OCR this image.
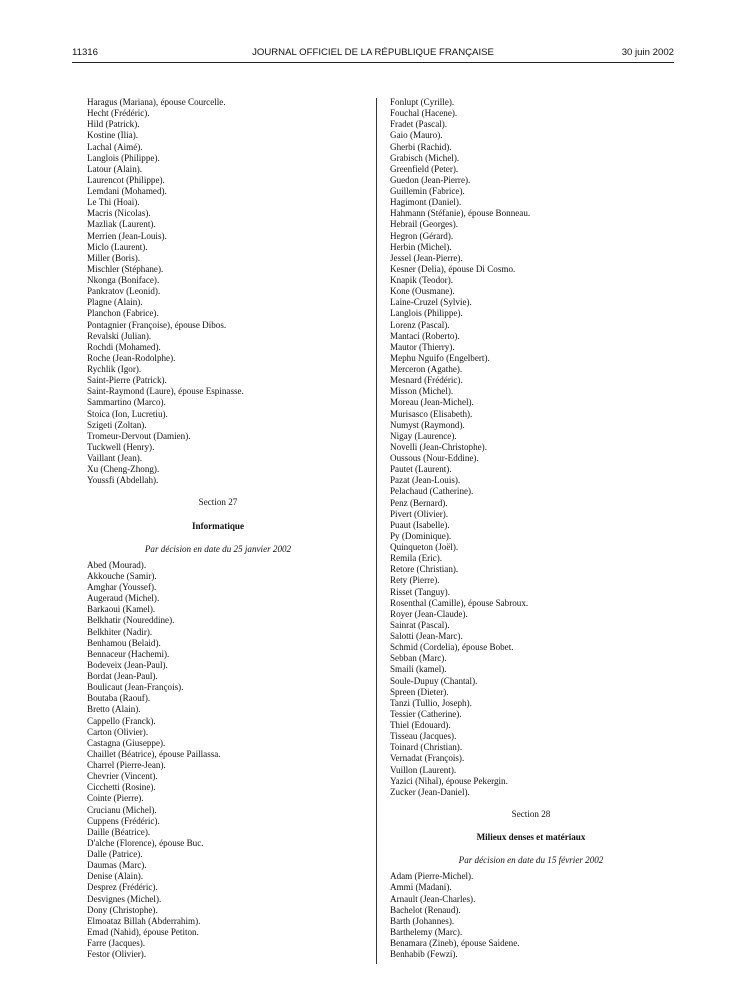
11316	JOURNAL OFFICIEL DE LA RÉPUBLIQUE FRANÇAISE	30 juin 2002
Haragus (Mariana), épouse Courcelle.
Hecht (Frédéric).
Hild (Patrick).
Kostine (Ilia).
Lachal (Aimé).
Langlois (Philippe).
Latour (Alain).
Laurencot (Philippe).
Lemdani (Mohamed).
Le Thi (Hoai).
Macris (Nicolas).
Mazliak (Laurent).
Merrien (Jean-Louis).
Miclo (Laurent).
Miller (Boris).
Mischler (Stéphane).
Nkonga (Boniface).
Pankratov (Leonid).
Plagne (Alain).
Planchon (Fabrice).
Pontagnier (Françoise), épouse Dibos.
Revalski (Julian).
Rochdi (Mohamed).
Roche (Jean-Rodolphe).
Rychlik (Igor).
Saint-Pierre (Patrick).
Saint-Raymond (Laure), épouse Espinasse.
Sammartino (Marco).
Stoica (Ion, Lucretiu).
Szigeti (Zoltan).
Tromeur-Dervout (Damien).
Tuckwell (Henry).
Vaillant (Jean).
Xu (Cheng-Zhong).
Youssfi (Abdellah).
Section 27
Informatique
Par décision en date du 25 janvier 2002
Abed (Mourad).
Akkouche (Samir).
Amghar (Youssef).
Augeraud (Michel).
Barkaoui (Kamel).
Belkhatir (Noureddine).
Belkhiter (Nadir).
Benhamou (Belaid).
Bennaceur (Hachemi).
Bodeveix (Jean-Paul).
Bordat (Jean-Paul).
Boulicaut (Jean-François).
Boutaba (Raouf).
Bretto (Alain).
Cappello (Franck).
Carton (Olivier).
Castagna (Giuseppe).
Chaillet (Béatrice), épouse Paillassa.
Charrel (Pierre-Jean).
Chevrier (Vincent).
Cicchetti (Rosine).
Cointe (Pierre).
Crucianu (Michel).
Cuppens (Frédéric).
Daille (Béatrice).
D'alche (Florence), épouse Buc.
Dalle (Patrice).
Daumas (Marc).
Denise (Alain).
Desprez (Frédéric).
Desvignes (Michel).
Dony (Christophe).
Elmoataz Billah (Abderrahim).
Emad (Nahid), épouse Petiton.
Farre (Jacques).
Festor (Olivier).
Fonlupt (Cyrille).
Fouchal (Hacene).
Fradet (Pascal).
Gaio (Mauro).
Gherbi (Rachid).
Grabisch (Michel).
Greenfield (Peter).
Guedon (Jean-Pierre).
Guillemin (Fabrice).
Hagimont (Daniel).
Hahmann (Stéfanie), épouse Bonneau.
Hebrail (Georges).
Hegron (Gérard).
Herbin (Michel).
Jessel (Jean-Pierre).
Kesner (Delia), épouse Di Cosmo.
Knapik (Teodor).
Kone (Ousmane).
Laine-Cruzel (Sylvie).
Langlois (Philippe).
Lorenz (Pascal).
Mantaci (Roberto).
Mautor (Thierry).
Mephu Nguifo (Engelbert).
Merceron (Agathe).
Mesnard (Frédéric).
Misson (Michel).
Moreau (Jean-Michel).
Murisasco (Elisabeth).
Numyst (Raymond).
Nigay (Laurence).
Novelli (Jean-Christophe).
Oussous (Nour-Eddine).
Pautet (Laurent).
Pazat (Jean-Louis).
Pelachaud (Catherine).
Penz (Bernard).
Pivert (Olivier).
Puaut (Isabelle).
Py (Dominique).
Quinqueton (Joël).
Remila (Eric).
Retore (Christian).
Rety (Pierre).
Risset (Tanguy).
Rosenthal (Camille), épouse Sabroux.
Royer (Jean-Claude).
Sainrat (Pascal).
Salotti (Jean-Marc).
Schmid (Cordelia), épouse Bobet.
Sebban (Marc).
Smaili (kamel).
Soule-Dupuy (Chantal).
Spreen (Dieter).
Tanzi (Tullio, Joseph).
Tessier (Catherine).
Thiel (Edouard).
Tisseau (Jacques).
Toinard (Christian).
Vernadat (François).
Vuillon (Laurent).
Yazici (Nihal), épouse Pekergin.
Zucker (Jean-Daniel).
Section 28
Milieux denses et matériaux
Par décision en date du 15 février 2002
Adam (Pierre-Michel).
Ammi (Madani).
Arnault (Jean-Charles).
Bachelot (Renaud).
Barth (Johannes).
Barthelemy (Marc).
Benamara (Zineb), épouse Saidene.
Benhabib (Fewzi).
